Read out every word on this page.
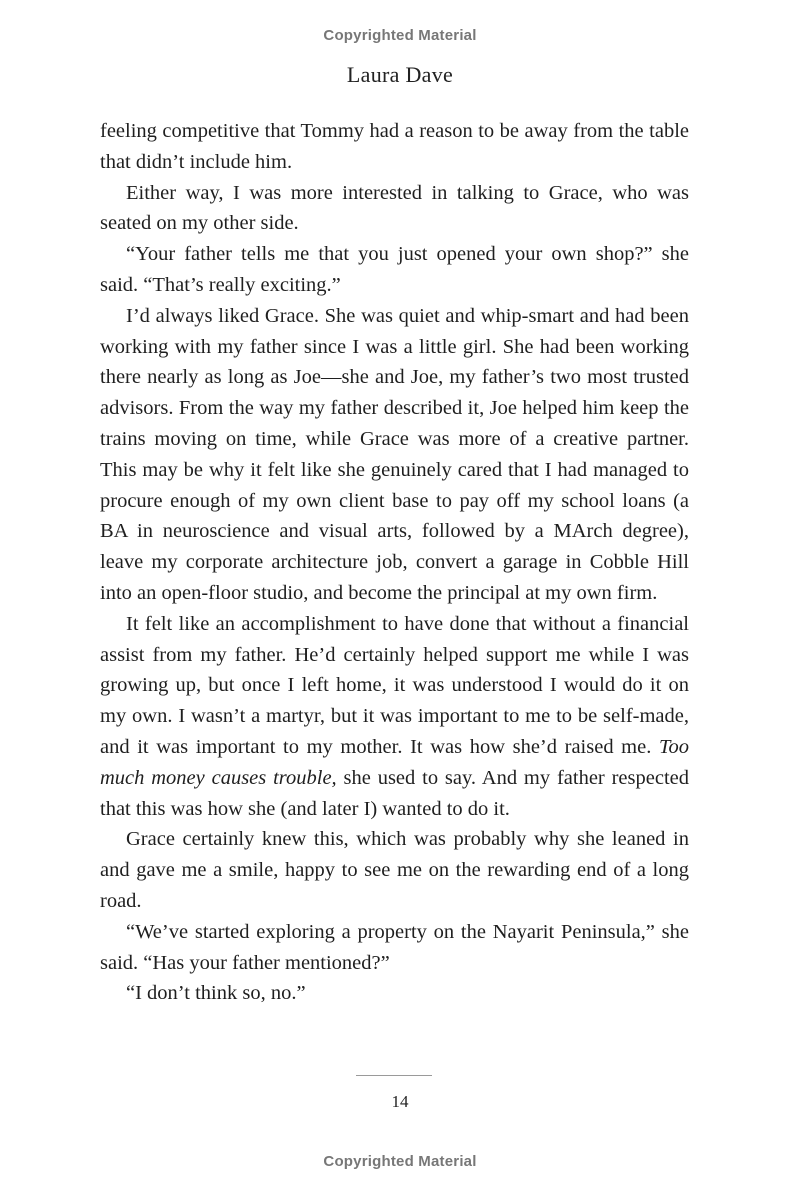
Copyrighted Material
Laura Dave

feeling competitive that Tommy had a reason to be away from the table that didn’t include him.

Either way, I was more interested in talking to Grace, who was seated on my other side.

“Your father tells me that you just opened your own shop?” she said. “That’s really exciting.”

I’d always liked Grace. She was quiet and whip-smart and had been working with my father since I was a little girl. She had been working there nearly as long as Joe—she and Joe, my father’s two most trusted advisors. From the way my father described it, Joe helped him keep the trains moving on time, while Grace was more of a creative partner. This may be why it felt like she genuinely cared that I had managed to procure enough of my own client base to pay off my school loans (a BA in neuroscience and visual arts, followed by a MArch degree), leave my corporate architecture job, convert a garage in Cobble Hill into an open-floor studio, and become the principal at my own firm.

It felt like an accomplishment to have done that without a financial assist from my father. He’d certainly helped support me while I was growing up, but once I left home, it was understood I would do it on my own. I wasn’t a martyr, but it was important to me to be self-made, and it was important to my mother. It was how she’d raised me. Too much money causes trouble, she used to say. And my father respected that this was how she (and later I) wanted to do it.

Grace certainly knew this, which was probably why she leaned in and gave me a smile, happy to see me on the rewarding end of a long road.

“We’ve started exploring a property on the Nayarit Peninsula,” she said. “Has your father mentioned?”

“I don’t think so, no.”

14
Copyrighted Material
